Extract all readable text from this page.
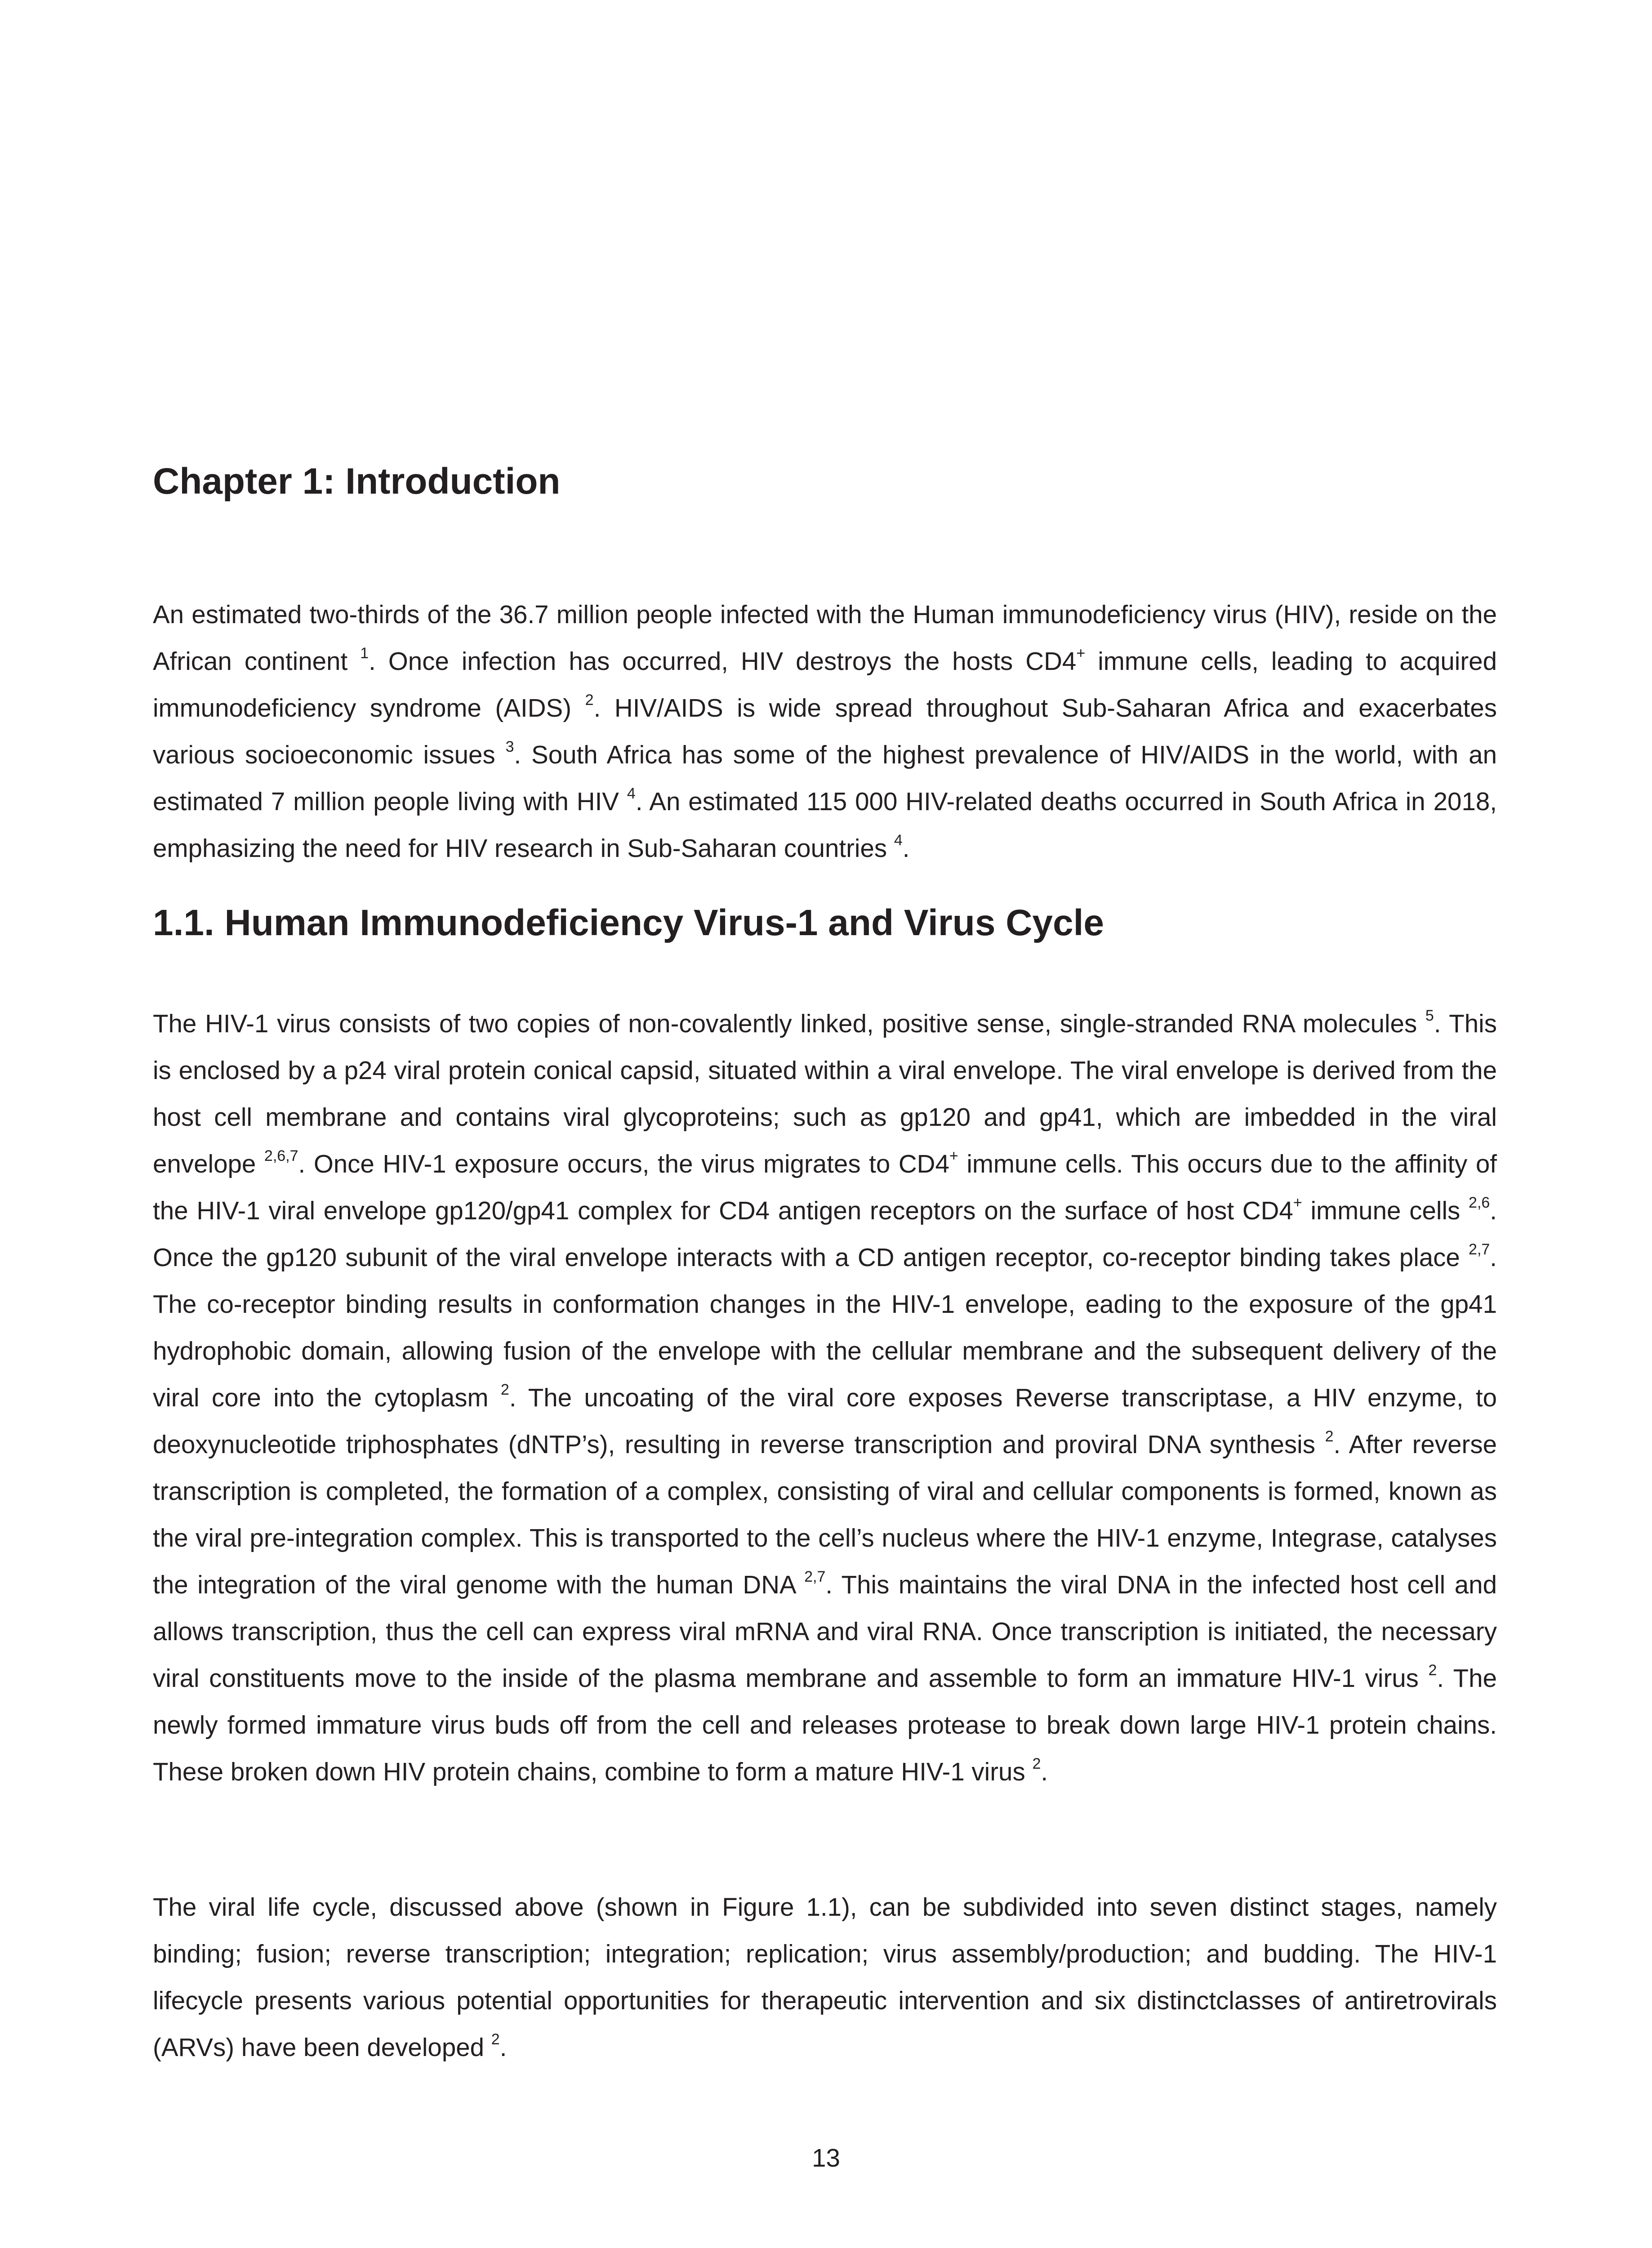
Chapter 1: Introduction

An estimated two-thirds of the 36.7 million people infected with the Human immunodeficiency virus (HIV), reside on the African continent $^1$. Once infection has occurred, HIV destroys the hosts CD4+ immune cells, leading to acquired immunodeficiency syndrome (AIDS) $^2$. HIV/AIDS is wide spread throughout Sub-Saharan Africa and exacerbates various socioeconomic issues $^3$. South Africa has some of the highest prevalence of HIV/AIDS in the world, with an estimated 7 million people living with HIV $^4$. An estimated 115 000 HIV-related deaths occurred in South Africa in 2018, emphasizing the need for HIV research in Sub-Saharan countries $^4$.

1.1. Human Immunodeficiency Virus-1 and Virus Cycle

The HIV-1 virus consists of two copies of non-covalently linked, positive sense, single-stranded RNA molecules $^5$. This is enclosed by a p24 viral protein conical capsid, situated within a viral envelope. The viral envelope is derived from the host cell membrane and contains viral glycoproteins; such as gp120 and gp41, which are imbedded in the viral envelope $^{2,6,7}$. Once HIV-1 exposure occurs, the virus migrates to CD4+ immune cells. This occurs due to the affinity of the HIV-1 viral envelope gp120/gp41 complex for CD4 antigen receptors on the surface of host CD4+ immune cells $^{2,6}$. Once the gp120 subunit of the viral envelope interacts with a CD antigen receptor, co-receptor binding takes place $^{2,7}$. The co-receptor binding results in conformation changes in the HIV-1 envelope, eading to the exposure of the gp41 hydrophobic domain, allowing fusion of the envelope with the cellular membrane and the subsequent delivery of the viral core into the cytoplasm $^2$. The uncoating of the viral core exposes Reverse transcriptase, a HIV enzyme, to deoxynucleotide triphosphates (dNTP’s), resulting in reverse transcription and proviral DNA synthesis $^2$. After reverse transcription is completed, the formation of a complex, consisting of viral and cellular components is formed, known as the viral pre-integration complex. This is transported to the cell’s nucleus where the HIV-1 enzyme, Integrase, catalyses the integration of the viral genome with the human DNA $^{2,7}$. This maintains the viral DNA in the infected host cell and allows transcription, thus the cell can express viral mRNA and viral RNA. Once transcription is initiated, the necessary viral constituents move to the inside of the plasma membrane and assemble to form an immature HIV-1 virus $^2$. The newly formed immature virus buds off from the cell and releases protease to break down large HIV-1 protein chains. These broken down HIV protein chains, combine to form a mature HIV-1 virus $^2$.

The viral life cycle, discussed above (shown in Figure 1.1), can be subdivided into seven distinct stages, namely binding; fusion; reverse transcription; integration; replication; virus assembly/production; and budding. The HIV-1 lifecycle presents various potential opportunities for therapeutic intervention and six distinctclasses of antiretrovirals (ARVs) have been developed $^2$.

13
